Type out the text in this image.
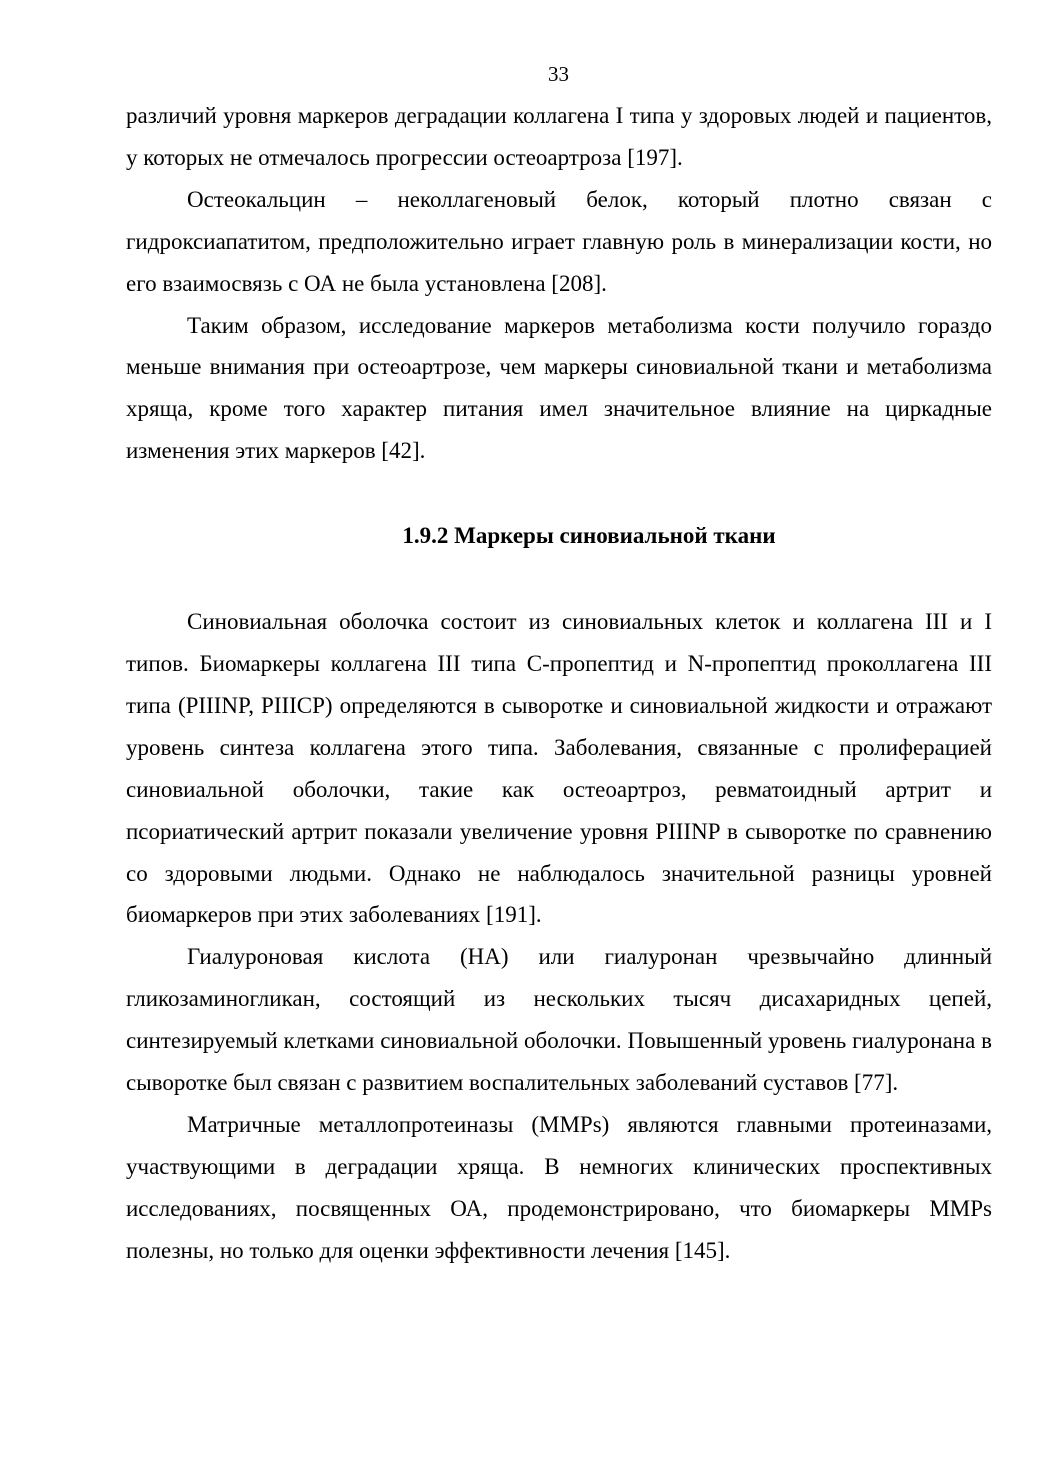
33

различий уровня маркеров деградации коллагена I типа у здоровых людей и пациентов, у которых не отмечалось прогрессии остеоартроза [197].

Остеокальцин – неколлагеновый белок, который плотно связан с гидроксиапатитом, предположительно играет главную роль в минерализации кости, но его взаимосвязь с ОА не была установлена [208].

Таким образом, исследование маркеров метаболизма кости получило гораздо меньше внимания при остеоартрозе, чем маркеры синовиальной ткани и метаболизма хряща, кроме того характер питания имел значительное влияние на циркадные изменения этих маркеров [42].

1.9.2 Маркеры синовиальной ткани

Синовиальная оболочка состоит из синовиальных клеток и коллагена III и I типов. Биомаркеры коллагена III типа С-пропептид и N-пропептид проколлагена III типа (PIIINP, PIIICP) определяются в сыворотке и синовиальной жидкости и отражают уровень синтеза коллагена этого типа. Заболевания, связанные с пролиферацией синовиальной оболочки, такие как остеоартроз, ревматоидный артрит и псориатический артрит показали увеличение уровня PIIINP в сыворотке по сравнению со здоровыми людьми. Однако не наблюдалось значительной разницы уровней биомаркеров при этих заболеваниях [191].

Гиалуроновая кислота (HA) или гиалуронан чрезвычайно длинный гликозаминогликан, состоящий из нескольких тысяч дисахаридных цепей, синтезируемый клетками синовиальной оболочки. Повышенный уровень гиалуронана в сыворотке был связан с развитием воспалительных заболеваний суставов [77].

Матричные металлопротеиназы (MMPs) являются главными протеиназами, участвующими в деградации хряща. В немногих клинических проспективных исследованиях, посвященных ОА, продемонстрировано, что биомаркеры MMPs полезны, но только для оценки эффективности лечения [145].
